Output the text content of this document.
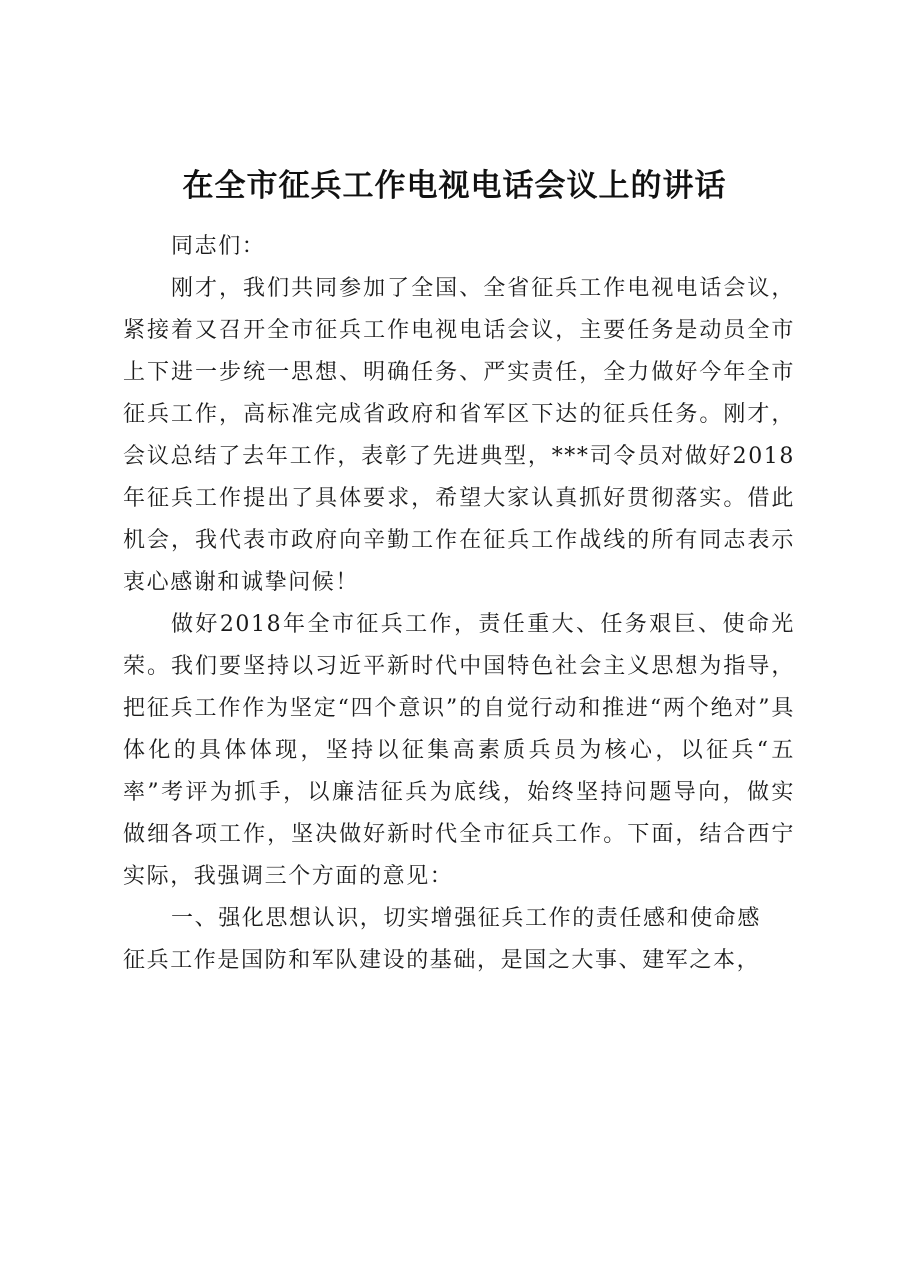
在全市征兵工作电视电话会议上的讲话

同志们：

刚才，我们共同参加了全国、全省征兵工作电视电话会议，紧接着又召开全市征兵工作电视电话会议，主要任务是动员全市上下进一步统一思想、明确任务、严实责任，全力做好今年全市征兵工作，高标准完成省政府和省军区下达的征兵任务。刚才，会议总结了去年工作，表彰了先进典型，***司令员对做好2018年征兵工作提出了具体要求，希望大家认真抓好贯彻落实。借此机会，我代表市政府向辛勤工作在征兵工作战线的所有同志表示衷心感谢和诚挚问候！

做好2018年全市征兵工作，责任重大、任务艰巨、使命光荣。我们要坚持以习近平新时代中国特色社会主义思想为指导，把征兵工作作为坚定“四个意识”的自觉行动和推进“两个绝对”具体化的具体体现，坚持以征集高素质兵员为核心，以征兵“五率”考评为抓手，以廉洁征兵为底线，始终坚持问题导向，做实做细各项工作，坚决做好新时代全市征兵工作。下面，结合西宁实际，我强调三个方面的意见：

一、强化思想认识，切实增强征兵工作的责任感和使命感

征兵工作是国防和军队建设的基础，是国之大事、建军之本，
